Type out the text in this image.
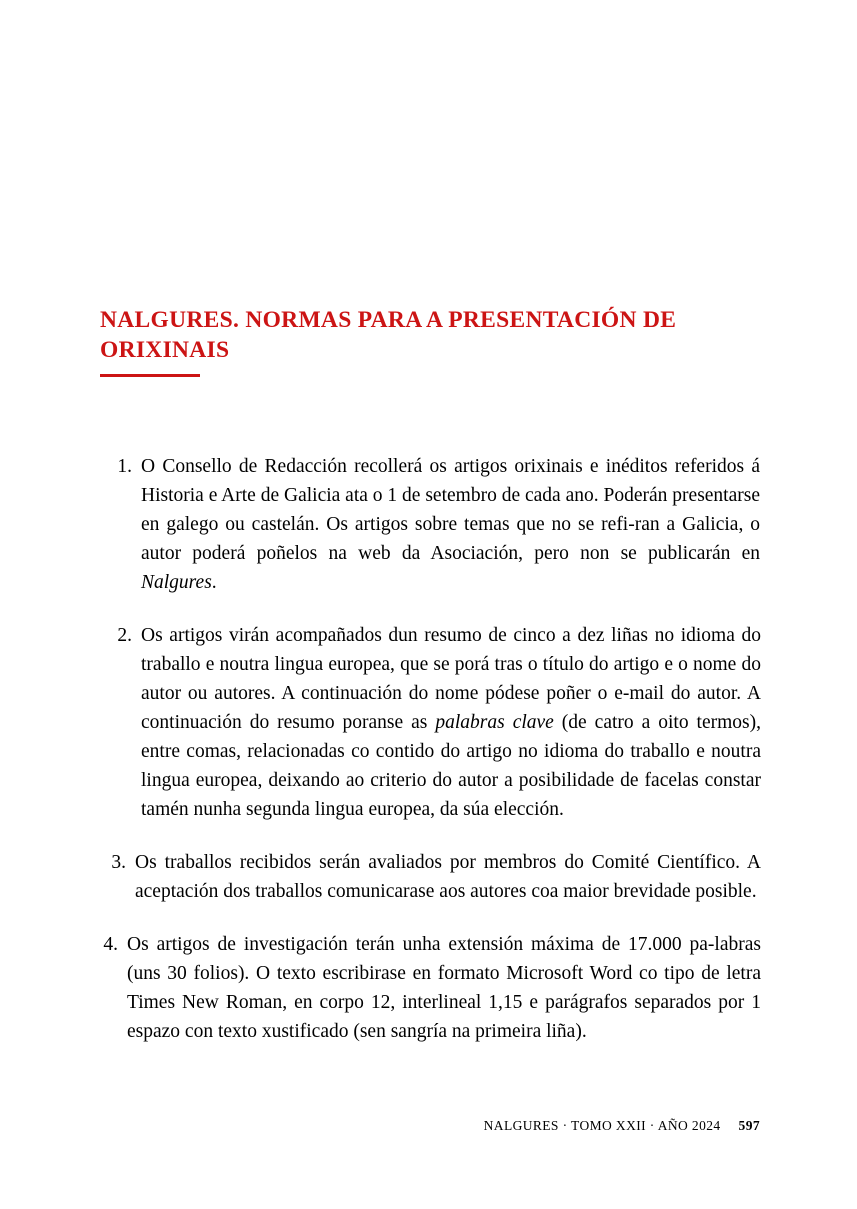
NALGURES. NORMAS PARA A PRESENTACIÓN DE ORIXINAIS
1. O Consello de Redacción recollerá os artigos orixinais e inéditos referidos á Historia e Arte de Galicia ata o 1 de setembro de cada ano. Poderán presentarse en galego ou castelán. Os artigos sobre temas que no se refi-ran a Galicia, o autor poderá poñelos na web da Asociación, pero non se publicarán en Nalgures.

2. Os artigos virán acompañados dun resumo de cinco a dez liñas no idioma do traballo e noutra lingua europea, que se porá tras o título do artigo e o nome do autor ou autores. A continuación do nome pódese poñer o e-mail do autor. A continuación do resumo poranse as palabras clave (de catro a oito termos), entre comas, relacionadas co contido do artigo no idioma do traballo e noutra lingua europea, deixando ao criterio do autor a posibilidade de facelas constar tamén nunha segunda lingua europea, da súa elección.

3. Os traballos recibidos serán avaliados por membros do Comité Científico. A aceptación dos traballos comunicarase aos autores coa maior brevidade posible.

4. Os artigos de investigación terán unha extensión máxima de 17.000 pa-labras (uns 30 folios). O texto escribirase en formato Microsoft Word co tipo de letra Times New Roman, en corpo 12, interlineal 1,15 e parágrafos separados por 1 espazo con texto xustificado (sen sangría na primeira liña).

NALGURES · TOMO XXII · AÑO 2024 597
